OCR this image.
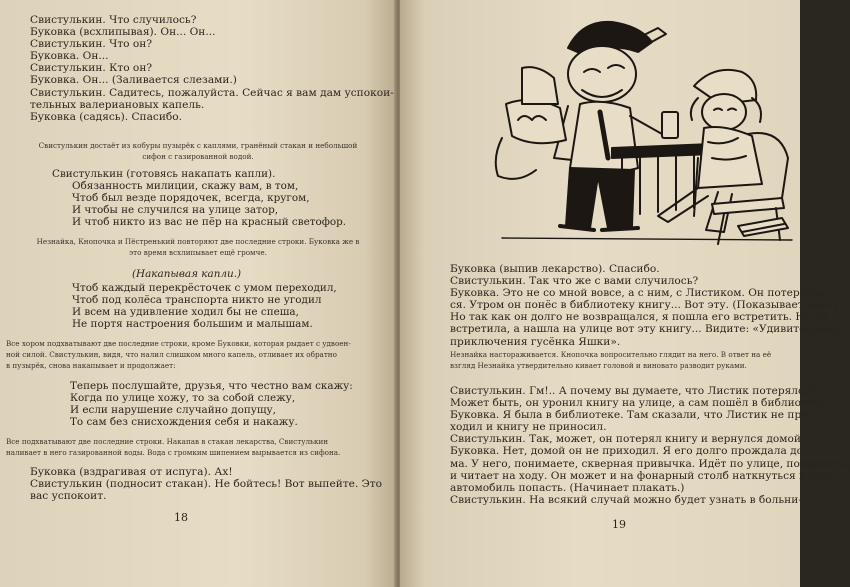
Свистулькин. Что случилось?
Буковка (всхлипывая). Он... Он...
Свистулькин. Что он?
Буковка. Он...
Свистулькин. Кто он?
Буковка. Он... (Заливается слезами.)
Свистулькин. Садитесь, пожалуйста. Сейчас я вам дам успокои-
тельных валериановых капель.
Буковка (садясь). Спасибо.
Свистулькин достаёт из кобуры пузырёк с каплями, гранёный стакан и небольшой
сифон с газированной водой.
Свистулькин (готовясь накапать капли).
Обязанность милиции, скажу вам, в том,
Чтоб был везде порядочек, всегда, кругом,
И чтобы не случился на улице затор,
И чтоб никто из вас не пёр на красный светофор.
Незнайка, Кнопочка и Пёстренький повторяют две последние строки. Буковка же в
это время всхлипывает ещё громче.
(Накапывая капли.)
Чтоб каждый перекрёсточек с умом переходил,
Чтоб под колёса транспорта никто не угодил
И всем на удивление ходил бы не спеша,
Не портя настроения большим и малышам.
Все хором подхватывают две последние строки, кроме Буковки, которая рыдает с удвоен-
ной силой. Свистулькин, видя, что налил слишком много капель, отливает их обратно
в пузырёк, снова накапывает и продолжает:
Теперь послушайте, друзья, что честно вам скажу:
Когда по улице хожу, то за собой слежу,
И если нарушение случайно допущу,
То сам без снисхождения себя и накажу.
Все подхватывают две последние строки. Накапав в стакан лекарства, Свистулькин
наливает в него газированной воды. Вода с громким шипением вырывается из сифона.
Буковка (вздрагивая от испуга). Ах!
Свистулькин (подносит стакан). Не бойтесь! Вот выпейте. Это
вас успокоит.
18
Буковка (выпив лекарство). Спасибо.
Свистулькин. Так что же с вами случилось?
Буковка. Это не со мной вовсе, а с ним, с Листиком. Он потерялся.
ся. Утром он понёс в библиотеку книгу... Вот эту. (Показывает книгу.)
Но так как он долго не возвращался, я пошла его встретить. Но не
встретила, а нашла на улице вот эту книгу... Видите: «Удивительные
приключения гусёнка Яшки».
Незнайка настораживается. Кнопочка вопросительно глядит на него. В ответ на её
взгляд Незнайка утвердительно кивает головой и виновато разводит руками.
Свистулькин. Гм!.. А почему вы думаете, что Листик потерялся?
Может быть, он уронил книгу на улице, а сам пошёл в библиотеку?
Буковка. Я была в библиотеке. Там сказали, что Листик не при-
ходил и книгу не приносил.
Свистулькин. Так, может, он потерял книгу и вернулся домой?
Буковка. Нет, домой он не приходил. Я его долго прождала до-
ма. У него, понимаете, скверная привычка. Идёт по улице, понимаете,
и читает на ходу. Он может и на фонарный столб наткнуться и под
автомобиль попасть. (Начинает плакать.)
Свистулькин. На всякий случай можно будет узнать в больни-
19
